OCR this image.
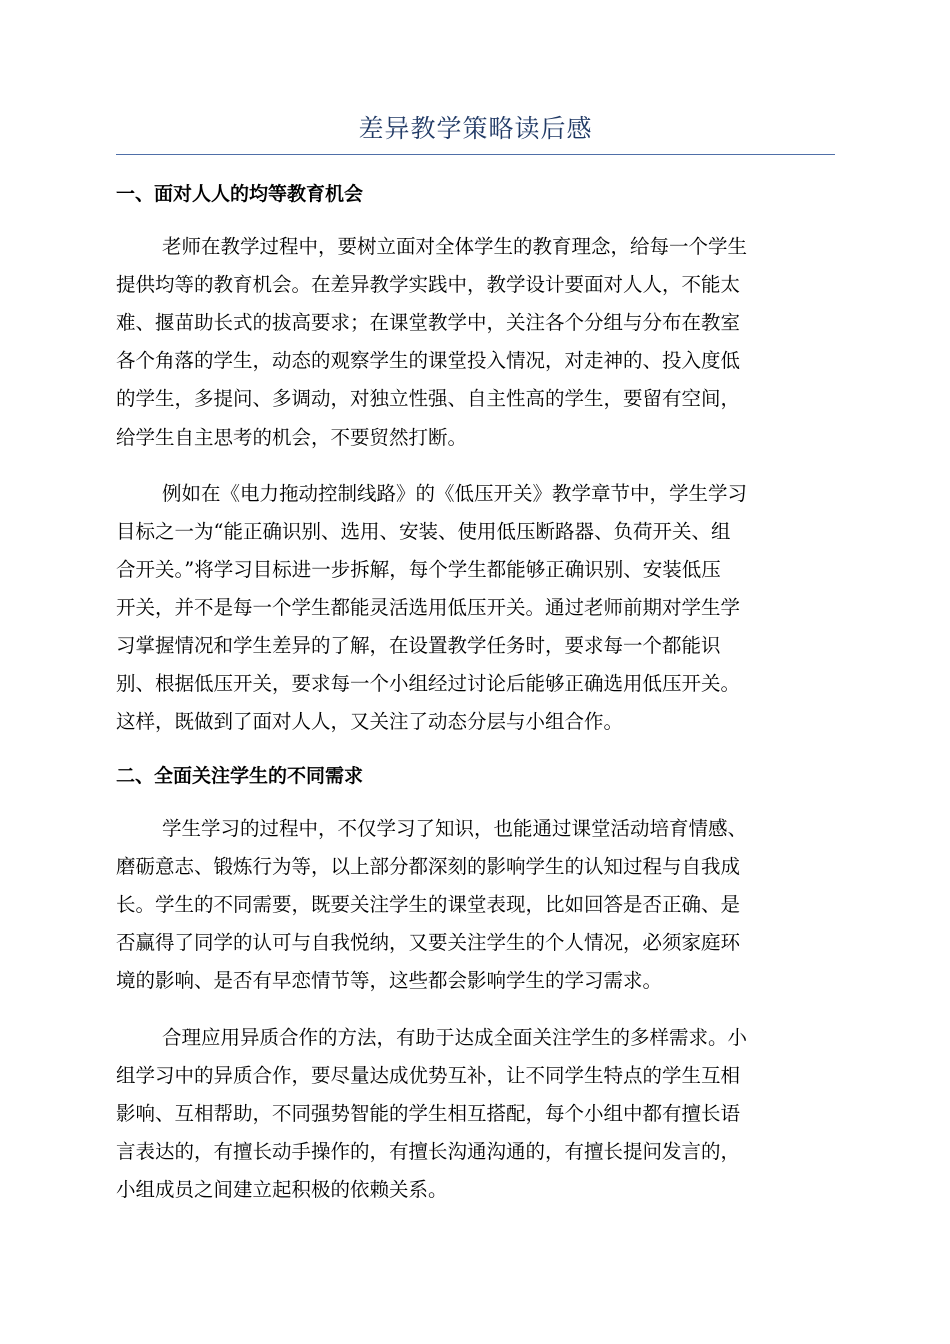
差异教学策略读后感
一、面对人人的均等教育机会
老师在教学过程中，要树立面对全体学生的教育理念，给每一个学生
提供均等的教育机会。在差异教学实践中，教学设计要面对人人，不能太
难、揠苗助长式的拔高要求；在课堂教学中，关注各个分组与分布在教室
各个角落的学生，动态的观察学生的课堂投入情况，对走神的、投入度低
的学生，多提问、多调动，对独立性强、自主性高的学生，要留有空间，
给学生自主思考的机会，不要贸然打断。
例如在《电力拖动控制线路》的《低压开关》教学章节中，学生学习
目标之一为“能正确识别、选用、安装、使用低压断路器、负荷开关、组
合开关。”将学习目标进一步拆解，每个学生都能够正确识别、安装低压
开关，并不是每一个学生都能灵活选用低压开关。通过老师前期对学生学
习掌握情况和学生差异的了解，在设置教学任务时，要求每一个都能识
别、根据低压开关，要求每一个小组经过讨论后能够正确选用低压开关。
这样，既做到了面对人人，又关注了动态分层与小组合作。
二、全面关注学生的不同需求
学生学习的过程中，不仅学习了知识，也能通过课堂活动培育情感、
磨砺意志、锻炼行为等，以上部分都深刻的影响学生的认知过程与自我成
长。学生的不同需要，既要关注学生的课堂表现，比如回答是否正确、是
否赢得了同学的认可与自我悦纳，又要关注学生的个人情况，必须家庭环
境的影响、是否有早恋情节等，这些都会影响学生的学习需求。
合理应用异质合作的方法，有助于达成全面关注学生的多样需求。小
组学习中的异质合作，要尽量达成优势互补，让不同学生特点的学生互相
影响、互相帮助，不同强势智能的学生相互搭配，每个小组中都有擅长语
言表达的，有擅长动手操作的，有擅长沟通沟通的，有擅长提问发言的，
小组成员之间建立起积极的依赖关系。
